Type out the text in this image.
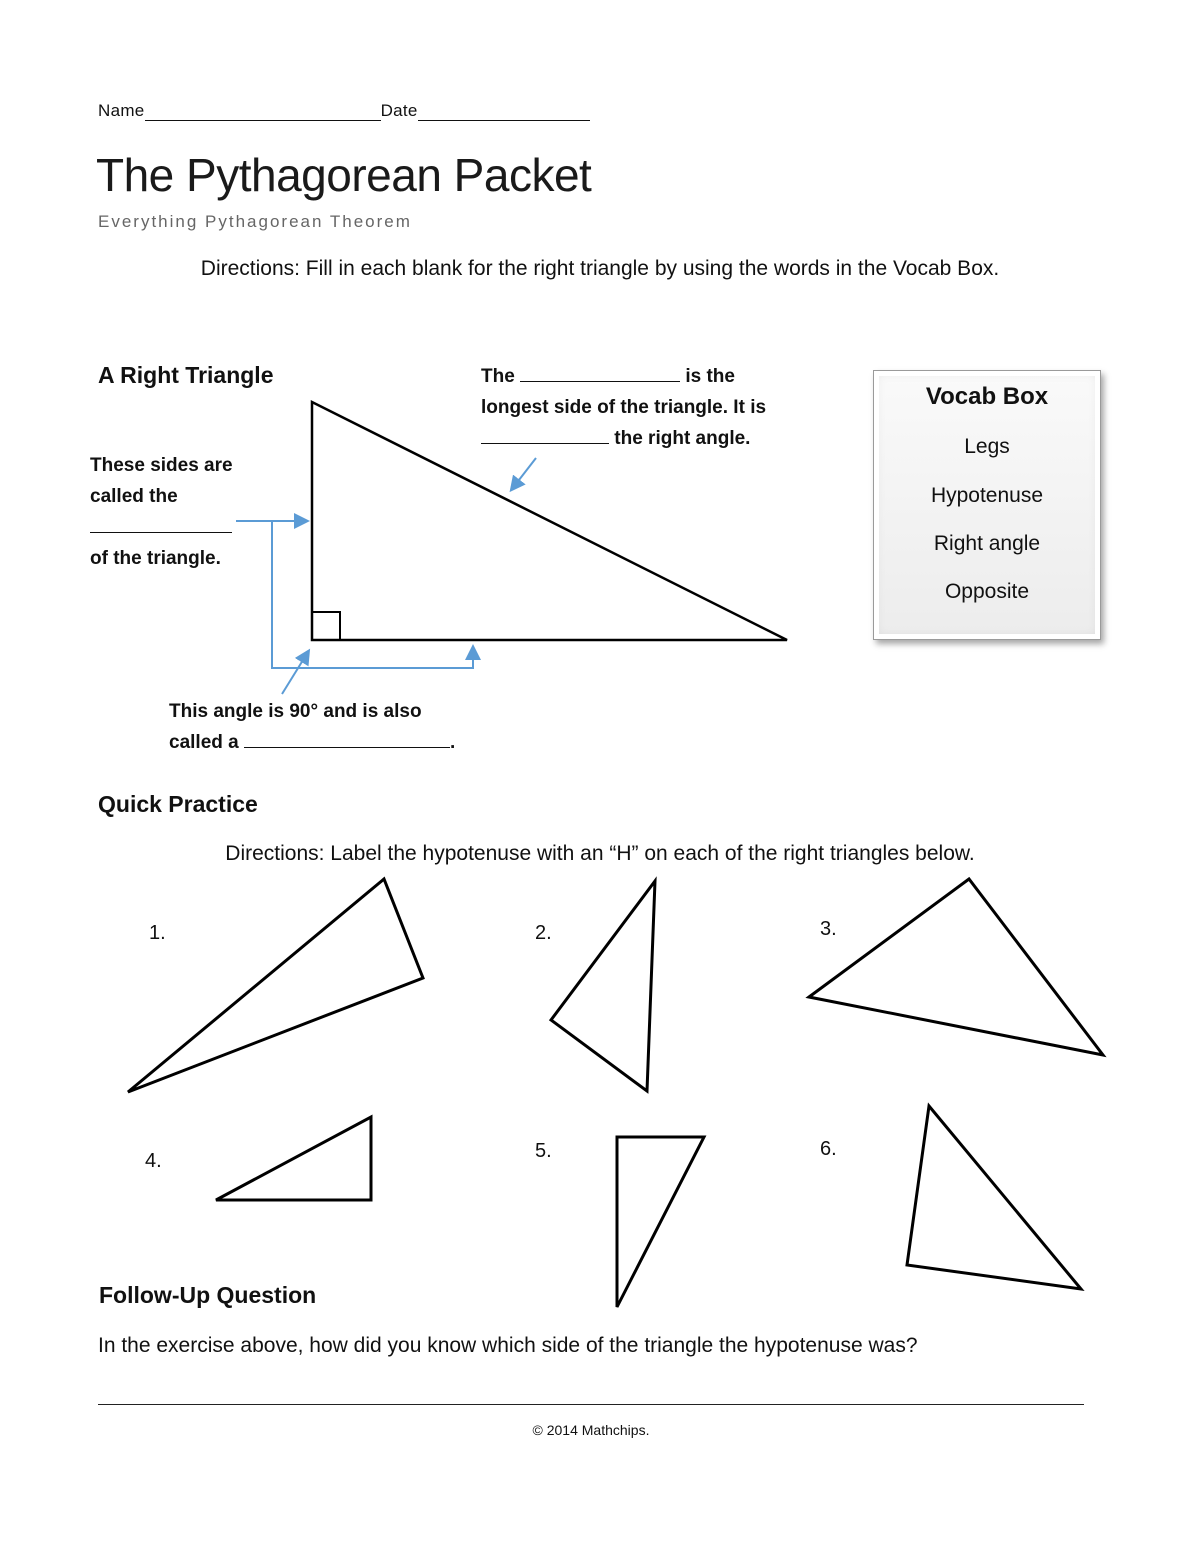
Name	Date
The Pythagorean Packet
Everything Pythagorean Theorem
Directions: Fill in each blank for the right triangle by using the words in the Vocab Box.
A Right Triangle	The	is the
longest side of the triangle. It is
the right angle.
These sides are
called the
of the triangle.
This angle is 90° and is also
called a	.
Vocab Box
Legs
Hypotenuse
Right angle
Opposite
Quick Practice
Directions: Label the hypotenuse with an “H” on each of the right triangles below.
1.	2.	3.
4.	5.	6.
Follow-Up Question
In the exercise above, how did you know which side of the triangle the hypotenuse was?
© 2014 Mathchips.
